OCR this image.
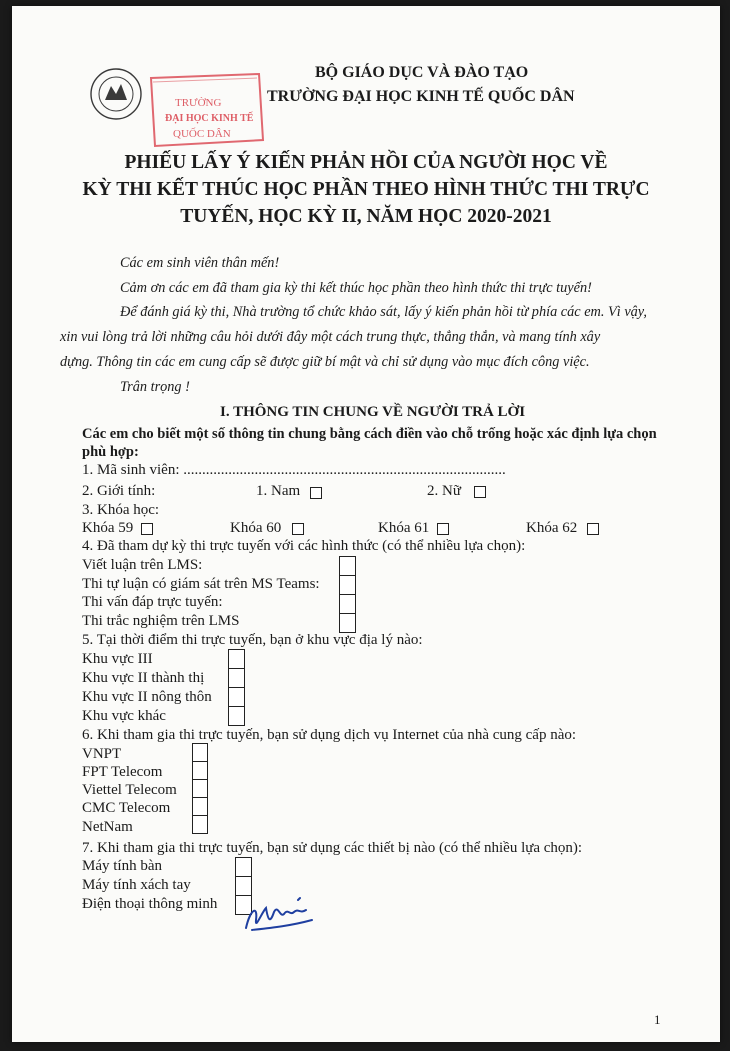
TRƯỜNG
ĐẠI HỌC KINH TẾ
QUỐC DÂN
BỘ GIÁO DỤC VÀ ĐÀO TẠO
TRƯỜNG ĐẠI HỌC KINH TẾ QUỐC DÂN
PHIẾU LẤY Ý KIẾN PHẢN HỒI CỦA NGƯỜI HỌC VỀ
KỲ THI KẾT THÚC HỌC PHẦN THEO HÌNH THỨC THI TRỰC
TUYẾN, HỌC KỲ II, NĂM HỌC 2020-2021
Các em sinh viên thân mến!
Cảm ơn các em đã tham gia kỳ thi kết thúc học phần theo hình thức thi trực tuyến!
Để đánh giá kỳ thi, Nhà trường tổ chức khảo sát, lấy ý kiến phản hồi từ phía các em. Vì vậy,
xin vui lòng trả lời những câu hỏi dưới đây một cách trung thực, thẳng thắn, và mang tính xây
dựng. Thông tin các em cung cấp sẽ được giữ bí mật và chỉ sử dụng vào mục đích công việc.
Trân trọng !
I. THÔNG TIN CHUNG VỀ NGƯỜI TRẢ LỜI
Các em cho biết một số thông tin chung bằng cách điền vào chỗ trống hoặc xác định lựa chọn
phù hợp:
1. Mã sinh viên: ......................................................................................
2. Giới tính:	1. Nam	2. Nữ
3. Khóa học:
Khóa 59	Khóa 60	Khóa 61	Khóa 62
4. Đã tham dự kỳ thi trực tuyến với các hình thức (có thể nhiều lựa chọn):
Viết luận trên LMS:
Thi tự luận có giám sát trên MS Teams:
Thi vấn đáp trực tuyến:
Thi trắc nghiệm trên LMS
5. Tại thời điểm thi trực tuyến, bạn ở khu vực địa lý nào:
Khu vực III
Khu vực II thành thị
Khu vực II nông thôn
Khu vực khác
6. Khi tham gia thi trực tuyến, bạn sử dụng dịch vụ Internet của nhà cung cấp nào:
VNPT
FPT Telecom
Viettel Telecom
CMC Telecom
NetNam
7. Khi tham gia thi trực tuyến, bạn sử dụng các thiết bị nào (có thể nhiều lựa chọn):
Máy tính bàn
Máy tính xách tay
Điện thoại thông minh
1
